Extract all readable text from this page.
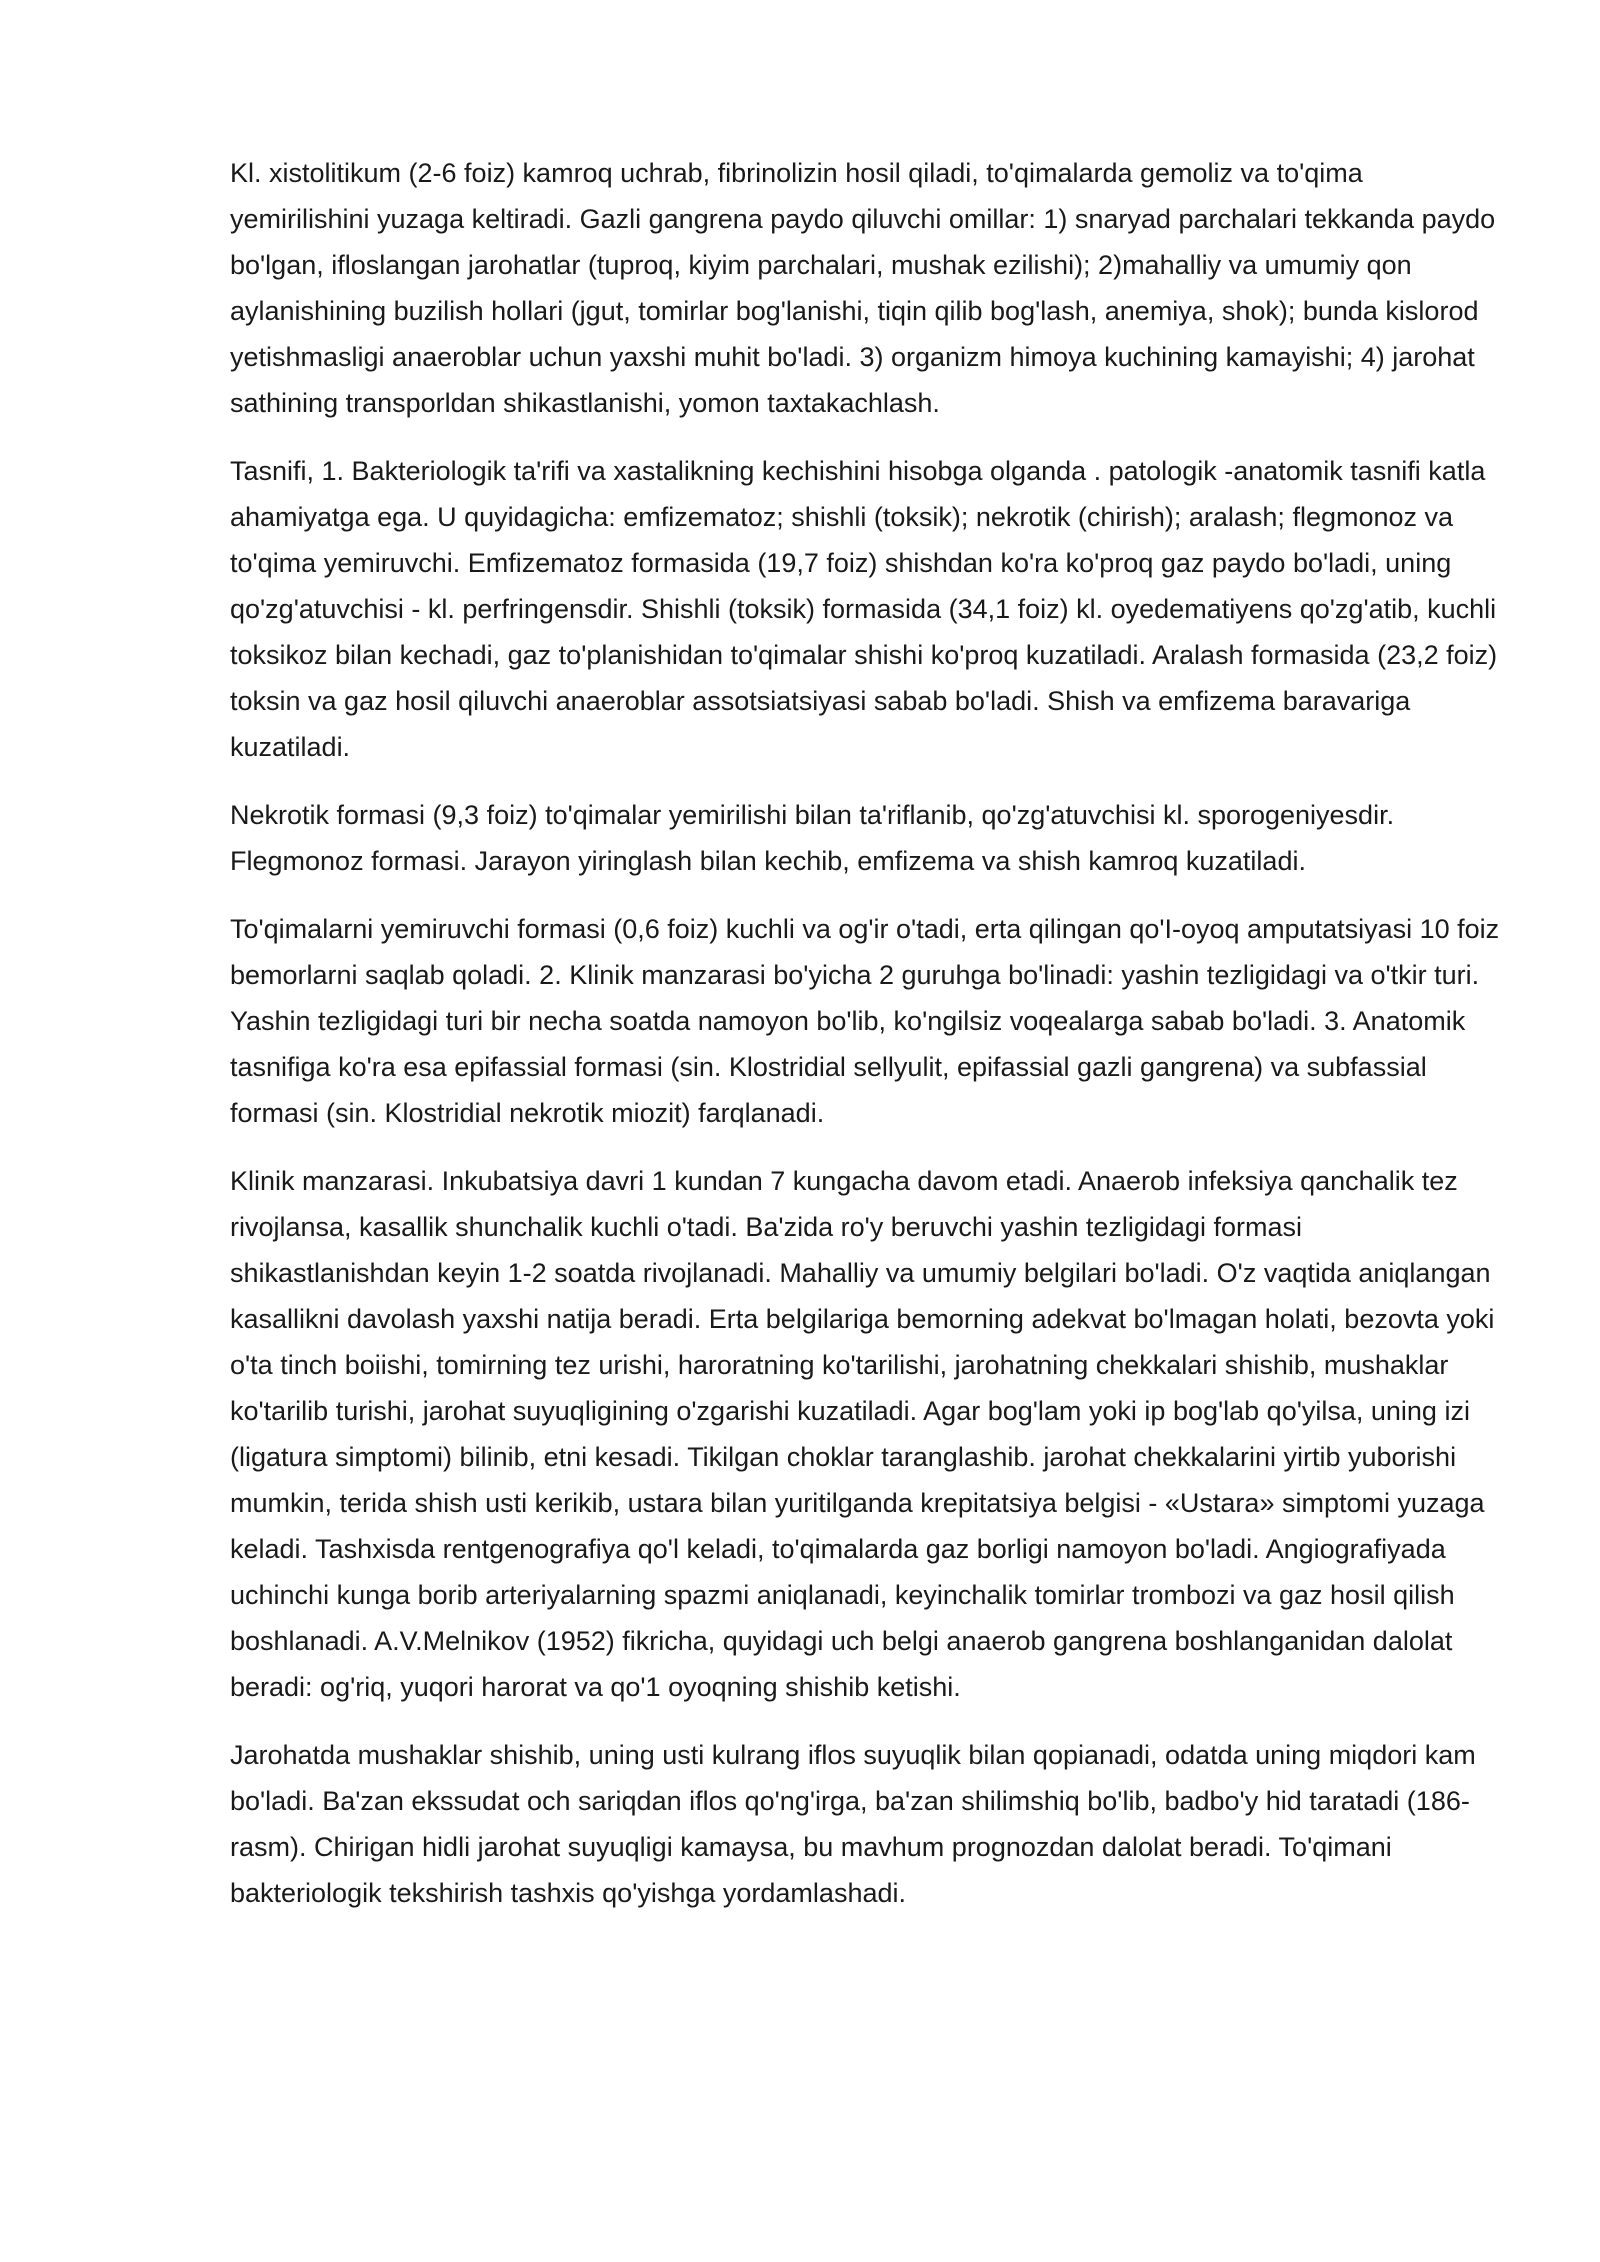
Kl. xistolitikum (2-6 foiz) kamroq uchrab, fibrinolizin hosil qiladi, to'qimalarda gemoliz va to'qima yemirilishini yuzaga keltiradi. Gazli gangrena paydo qiluvchi omillar: 1) snaryad parchalari tekkanda paydo bo'lgan, ifloslangan jarohatlar (tuproq, kiyim parchalari, mushak ezilishi); 2)mahalliy va umumiy qon aylanishining buzilish hollari (jgut, tomirlar bog'lanishi, tiqin qilib bog'lash, anemiya, shok); bunda kislorod yetishmasligi anaeroblar uchun yaxshi muhit bo'ladi. 3) organizm himoya kuchining kamayishi; 4) jarohat sathining transporldan shikastlanishi, yomon taxtakachlash.

Tasnifi, 1. Bakteriologik ta'rifi va xastalikning kechishini hisobga olganda . patologik -anatomik tasnifi katla ahamiyatga ega. U quyidagicha: emfizematoz; shishli (toksik); nekrotik (chirish); aralash; flegmonoz va to'qima yemiruvchi. Emfizematoz formasida (19,7 foiz) shishdan ko'ra ko'proq gaz paydo bo'ladi, uning qo'zg'atuvchisi - kl. perfringensdir. Shishli (toksik) formasida (34,1 foiz) kl. oyedematiyens qo'zg'atib, kuchli toksikoz bilan kechadi, gaz to'planishidan to'qimalar shishi ko'proq kuzatiladi. Aralash formasida (23,2 foiz) toksin va gaz hosil qiluvchi anaeroblar assotsiatsiyasi sabab bo'ladi. Shish va emfizema baravariga kuzatiladi.

Nekrotik formasi (9,3 foiz) to'qimalar yemirilishi bilan ta'riflanib, qo'zg'atuvchisi kl. sporogeniyesdir. Flegmonoz formasi. Jarayon yiringlash bilan kechib, emfizema va shish kamroq kuzatiladi.

To'qimalarni yemiruvchi formasi (0,6 foiz) kuchli va og'ir o'tadi, erta qilingan qo'I-oyoq amputatsiyasi 10 foiz bemorlarni saqlab qoladi. 2. Klinik manzarasi bo'yicha 2 guruhga bo'linadi: yashin tezligidagi va o'tkir turi. Yashin tezligidagi turi bir necha soatda namoyon bo'lib, ko'ngilsiz voqealarga sabab bo'ladi. 3. Anatomik tasnifiga ko'ra esa epifassial formasi (sin. Klostridial sellyulit, epifassial gazli gangrena) va subfassial formasi (sin. Klostridial nekrotik miozit) farqlanadi.

Klinik manzarasi. Inkubatsiya davri 1 kundan 7 kungacha davom etadi. Anaerob infeksiya qanchalik tez rivojlansa, kasallik shunchalik kuchli o'tadi. Ba'zida ro'y beruvchi yashin tezligidagi formasi shikastlanishdan keyin 1-2 soatda rivojlanadi. Mahalliy va umumiy belgilari bo'ladi. O'z vaqtida aniqlangan kasallikni davolash yaxshi natija beradi. Erta belgilariga bemorning adekvat bo'lmagan holati, bezovta yoki o'ta tinch boiishi, tomirning tez urishi, haroratning ko'tarilishi, jarohatning chekkalari shishib, mushaklar ko'tarilib turishi, jarohat suyuqligining o'zgarishi kuzatiladi. Agar bog'lam yoki ip bog'lab qo'yilsa, uning izi (ligatura simptomi) bilinib, etni kesadi. Tikilgan choklar taranglashib. jarohat chekkalarini yirtib yuborishi mumkin, terida shish usti kerikib, ustara bilan yuritilganda krepitatsiya belgisi - «Ustara» simptomi yuzaga keladi. Tashxisda rentgenografiya qo'l keladi, to'qimalarda gaz borligi namoyon bo'ladi. Angiografiyada uchinchi kunga borib arteriyalarning spazmi aniqlanadi, keyinchalik tomirlar trombozi va gaz hosil qilish boshlanadi. A.V.Melnikov (1952) fikricha, quyidagi uch belgi anaerob gangrena boshlanganidan dalolat beradi: og'riq, yuqori harorat va qo'1 oyoqning shishib ketishi.

Jarohatda mushaklar shishib, uning usti kulrang iflos suyuqlik bilan qopianadi, odatda uning miqdori kam bo'ladi. Ba'zan ekssudat och sariqdan iflos qo'ng'irga, ba'zan shilimshiq bo'lib, badbo'y hid taratadi (186-rasm). Chirigan hidli jarohat suyuqligi kamaysa, bu mavhum prognozdan dalolat beradi. To'qimani bakteriologik tekshirish tashxis qo'yishga yordamlashadi.
